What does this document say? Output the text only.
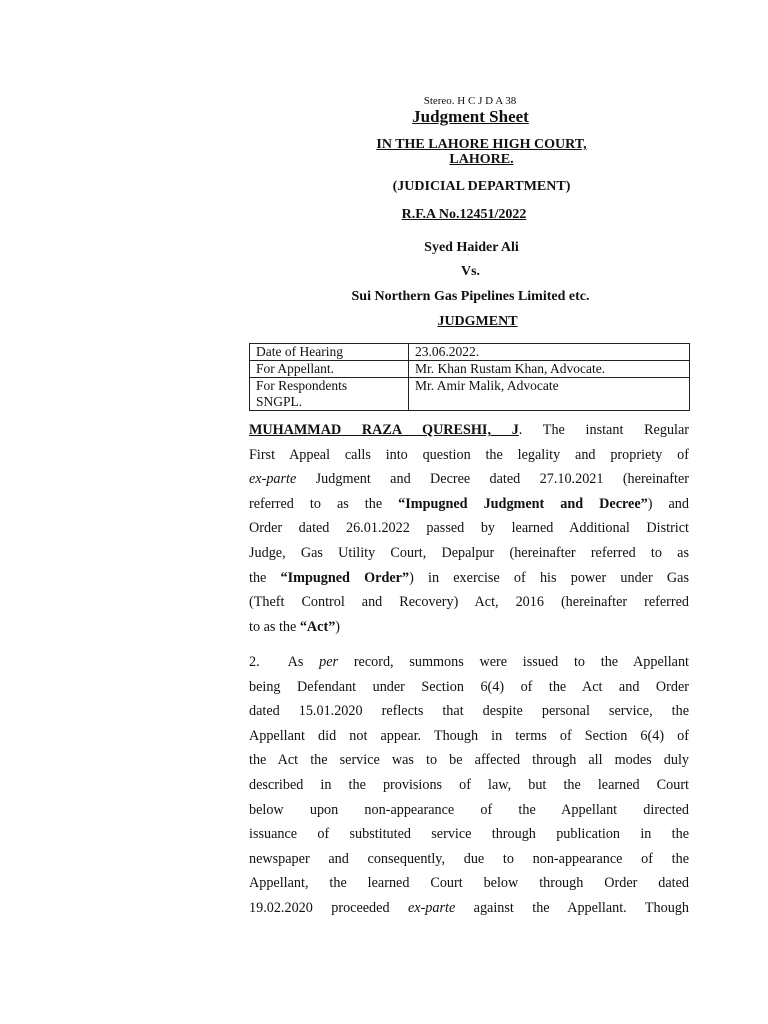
Stereo. H C J D A 38
Judgment Sheet
IN THE LAHORE HIGH COURT,
LAHORE.
(JUDICIAL DEPARTMENT)
R.F.A No.12451/2022
Syed Haider Ali
Vs.
Sui Northern Gas Pipelines Limited etc.
JUDGMENT
Date of Hearing	23.06.2022.
For Appellant.	Mr. Khan Rustam Khan, Advocate.
For Respondents
SNGPL.	Mr. Amir Malik, Advocate
MUHAMMAD RAZA QURESHI, J. The instant Regular
First Appeal calls into question the legality and propriety of
ex-parte Judgment and Decree dated 27.10.2021 (hereinafter
referred to as the “Impugned Judgment and Decree”) and
Order dated 26.01.2022 passed by learned Additional District
Judge, Gas Utility Court, Depalpur (hereinafter referred to as
the “Impugned Order”) in exercise of his power under Gas
(Theft Control and Recovery) Act, 2016 (hereinafter referred
to as the “Act”)
2. As per record, summons were issued to the Appellant
being Defendant under Section 6(4) of the Act and Order
dated 15.01.2020 reflects that despite personal service, the
Appellant did not appear. Though in terms of Section 6(4) of
the Act the service was to be affected through all modes duly
described in the provisions of law, but the learned Court
below upon non-appearance of the Appellant directed
issuance of substituted service through publication in the
newspaper and consequently, due to non-appearance of the
Appellant, the learned Court below through Order dated
19.02.2020 proceeded ex-parte against the Appellant. Though
